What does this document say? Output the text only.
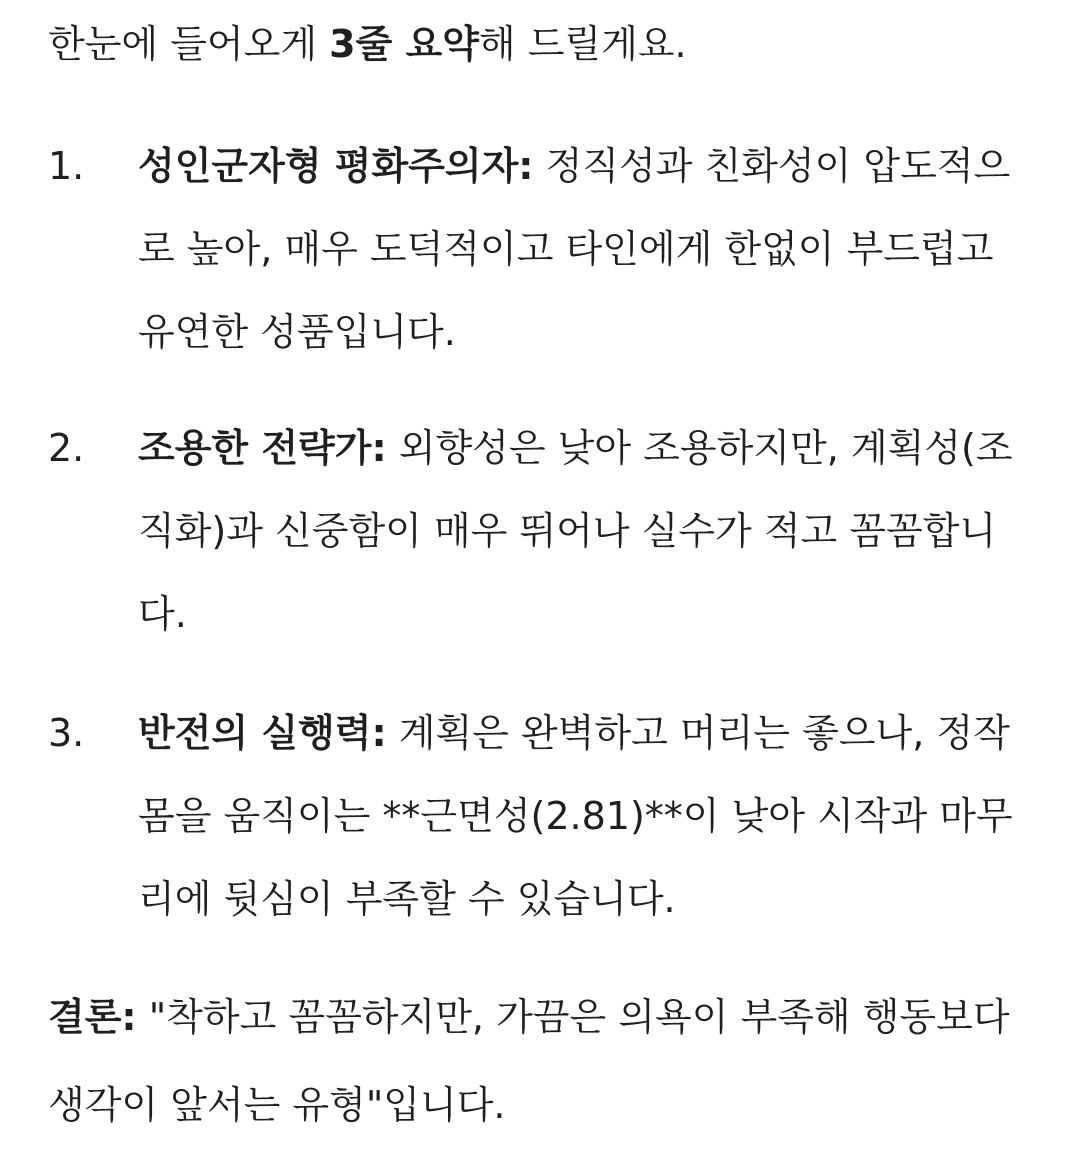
한눈에 들어오게 3줄 요약해 드릴게요.

1. 성인군자형 평화주의자: 정직성과 친화성이 압도적으로 높아, 매우 도덕적이고 타인에게 한없이 부드럽고 유연한 성품입니다.
2. 조용한 전략가: 외향성은 낮아 조용하지만, 계획성(조직화)과 신중함이 매우 뛰어나 실수가 적고 꼼꼼합니다.
3. 반전의 실행력: 계획은 완벽하고 머리는 좋으나, 정작 몸을 움직이는 **근면성(2.81)**이 낮아 시작과 마무리에 뒷심이 부족할 수 있습니다.

결론: "착하고 꼼꼼하지만, 가끔은 의욕이 부족해 행동보다 생각이 앞서는 유형"입니다.
